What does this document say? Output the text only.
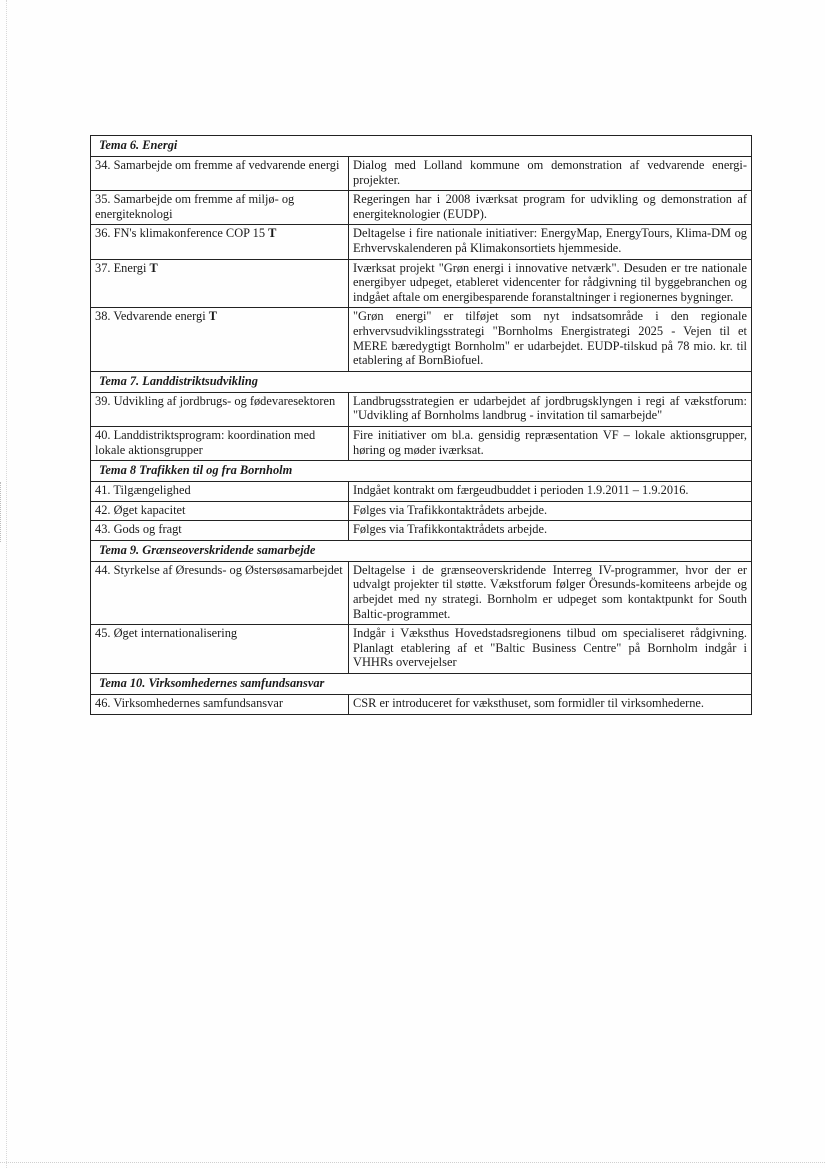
Tema 6. Energi	
34. Samarbejde om fremme af vedvarende energi	Dialog med Lolland kommune om demonstration af vedvarende energi-projekter.
35. Samarbejde om fremme af miljø- og energiteknologi	Regeringen har i 2008 iværksat program for udvikling og demonstration af energiteknologier (EUDP).
36. FN's klimakonference COP 15 T	Deltagelse i fire nationale initiativer: EnergyMap, EnergyTours, Klima-DM og Erhvervskalenderen på Klimakonsortiets hjemmeside.
37. Energi T	Iværksat projekt "Grøn energi i innovative netværk". Desuden er tre nationale energibyer udpeget, etableret videncenter for rådgivning til byggebranchen og indgået aftale om energibesparende foranstaltninger i regionernes bygninger.
38. Vedvarende energi T	"Grøn energi" er tilføjet som nyt indsatsområde i den regionale erhvervsudviklingsstrategi "Bornholms Energistrategi 2025 - Vejen til et MERE bæredygtigt Bornholm" er udarbejdet. EUDP-tilskud på 78 mio. kr. til etablering af BornBiofuel.
Tema 7. Landdistriktsudvikling	
39. Udvikling af jordbrugs- og fødevaresektoren	Landbrugsstrategien er udarbejdet af jordbrugsklyngen i regi af vækstforum: "Udvikling af Bornholms landbrug - invitation til samarbejde"
40. Landdistriktsprogram: koordination med lokale aktionsgrupper	Fire initiativer om bl.a. gensidig repræsentation VF – lokale aktionsgrupper, høring og møder iværksat.
Tema 8 Trafikken til og fra Bornholm	
41. Tilgængelighed	Indgået kontrakt om færgeudbuddet i perioden 1.9.2011 – 1.9.2016.
42. Øget kapacitet	Følges via Trafikkontaktrådets arbejde.
43. Gods og fragt	Følges via Trafikkontaktrådets arbejde.
Tema 9. Grænseoverskridende samarbejde	
44. Styrkelse af Øresunds- og Østersøsamarbejdet	Deltagelse i de grænseoverskridende Interreg IV-programmer, hvor der er udvalgt projekter til støtte. Vækstforum følger Öresunds-komiteens arbejde og arbejdet med ny strategi. Bornholm er udpeget som kontaktpunkt for South Baltic-programmet.
45. Øget internationalisering	Indgår i Væksthus Hovedstadsregionens tilbud om specialiseret rådgivning. Planlagt etablering af et "Baltic Business Centre" på Bornholm indgår i VHHRs overvejelser
Tema 10. Virksomhedernes samfundsansvar	
46. Virksomhedernes samfundsansvar	CSR er introduceret for væksthuset, som formidler til virksomhederne.
